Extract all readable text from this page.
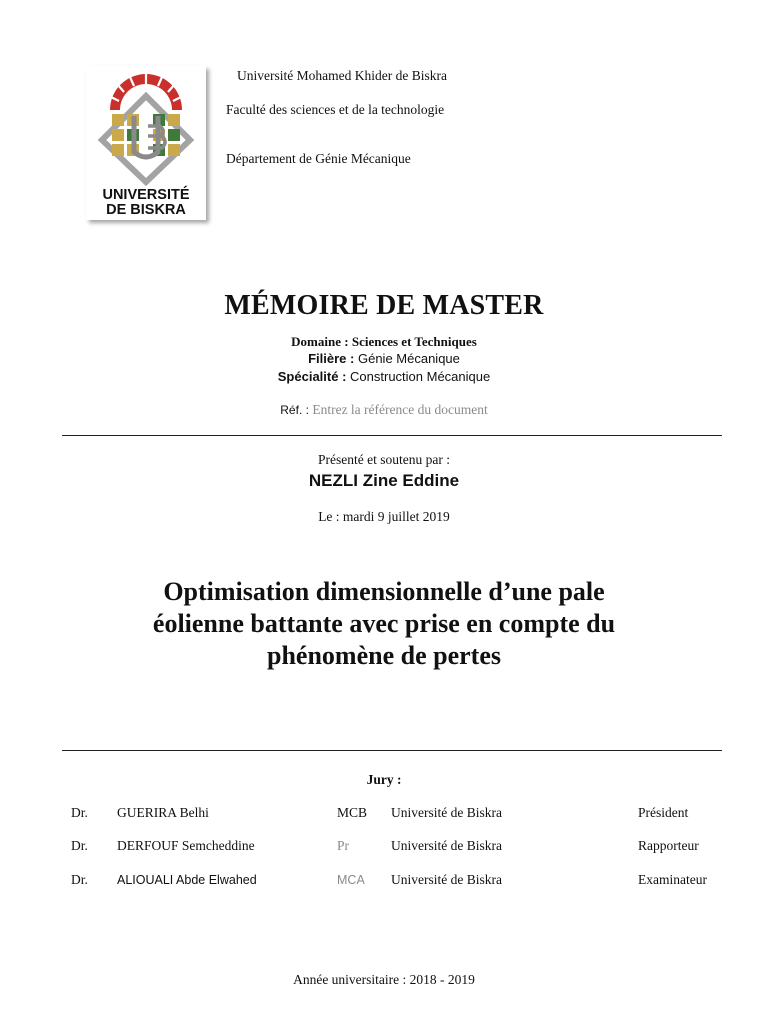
UNIVERSITÉ
DE BISKRA
Université Mohamed Khider de Biskra
Faculté des sciences et de la technologie
Département de Génie Mécanique
MÉMOIRE DE MASTER
Domaine : Sciences et Techniques
Filière : Génie Mécanique
Spécialité : Construction Mécanique
Réf. : Entrez la référence du document
Présenté et soutenu par :
NEZLI Zine Eddine
Le : mardi 9 juillet 2019
Optimisation dimensionnelle d’une pale
éolienne battante avec prise en compte du
phénomène de pertes
Jury :
Dr. GUERIRA Belhi	MCB Université de Biskra	Président
Dr. DERFOUF Semcheddine	Pr	Université de Biskra	Rapporteur
Dr. ALIOUALI Abde Elwahed	MCA Université de Biskra	Examinateur
Année universitaire : 2018 - 2019
